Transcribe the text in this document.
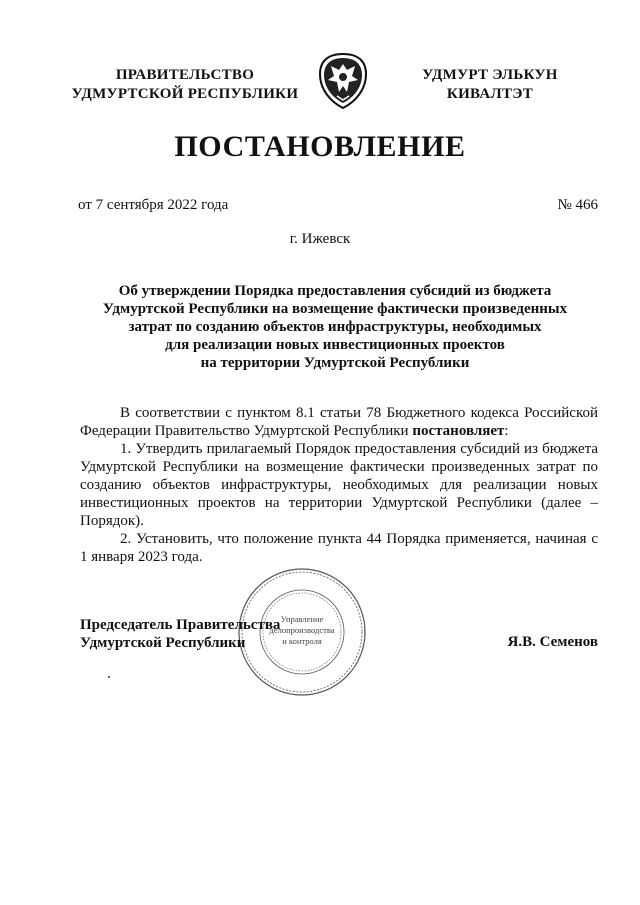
ПРАВИТЕЛЬСТВО
УДМУРТСКОЙ РЕСПУБЛИКИ
УДМУРТ ЭЛЬКУН
КИВАЛТЭТ
ПОСТАНОВЛЕНИЕ
от 7 сентября 2022 года	№ 466
г. Ижевск
Об утверждении Порядка предоставления субсидий из бюджета
Удмуртской Республики на возмещение фактически произведенных
затрат по созданию объектов инфраструктуры, необходимых
для реализации новых инвестиционных проектов
на территории Удмуртской Республики

В соответствии с пунктом 8.1 статьи 78 Бюджетного кодекса Российской Федерации Правительство Удмуртской Республики постановляет:

1. Утвердить прилагаемый Порядок предоставления субсидий из бюджета Удмуртской Республики на возмещение фактически произведенных затрат по созданию объектов инфраструктуры, необходимых для реализации новых инвестиционных проектов на территории Удмуртской Республики (далее – Порядок).

2. Установить, что положение пункта 44 Порядка применяется, начиная с 1 января 2023 года.

Управление
делопроизводства
и контроля
Председатель Правительства
Удмуртской Республики	Я.В. Семенов
